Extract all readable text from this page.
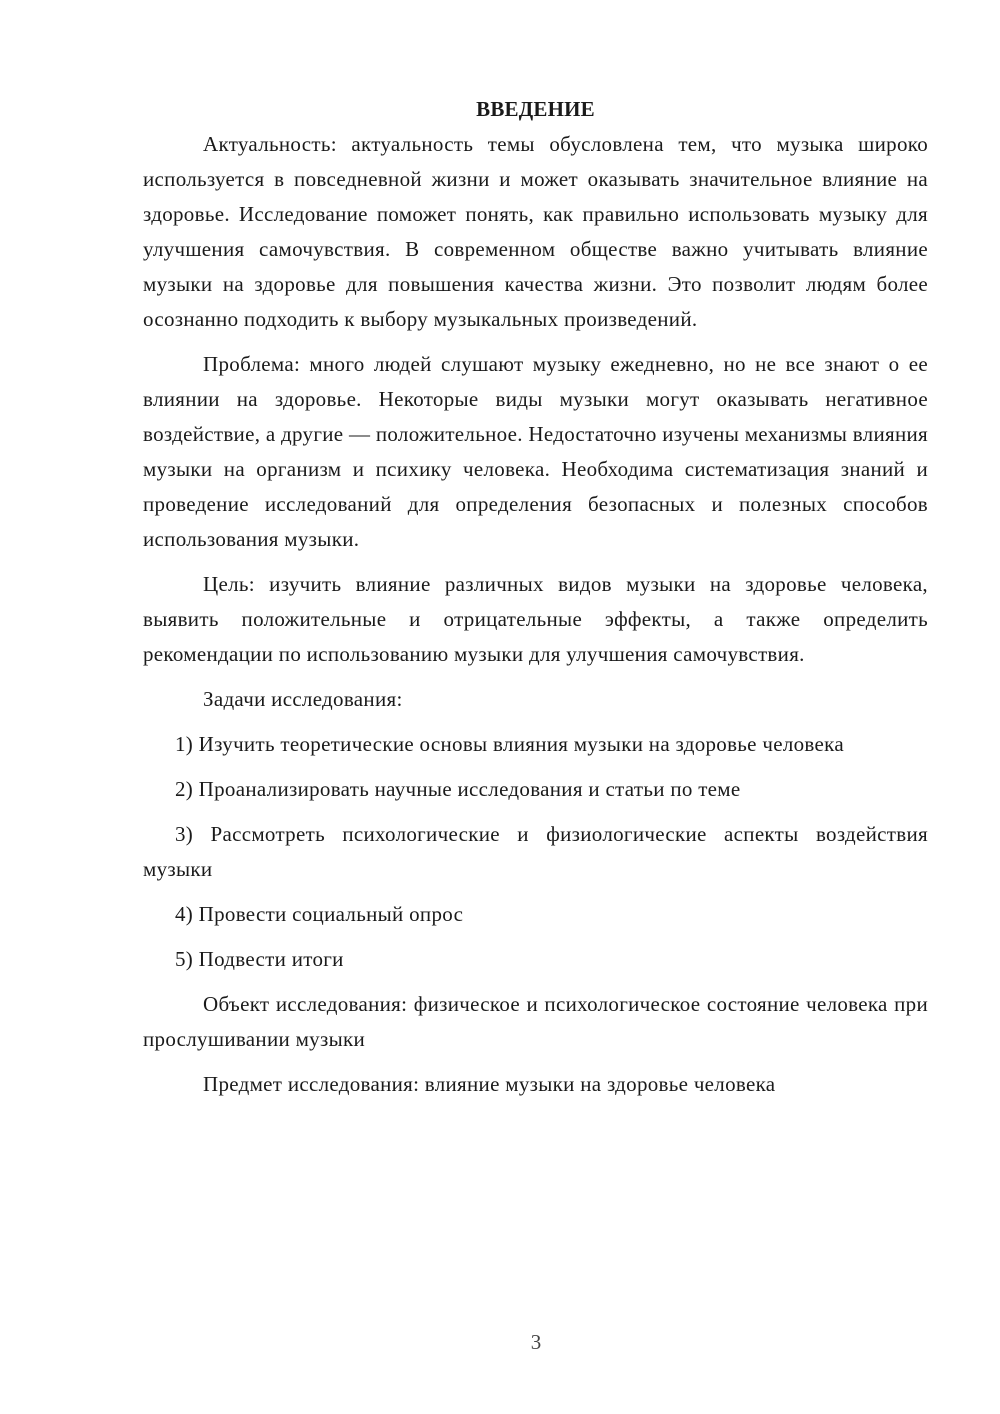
ВВЕДЕНИЕ

Актуальность: актуальность темы обусловлена тем, что музыка широко используется в повседневной жизни и может оказывать значительное влияние на здоровье. Исследование поможет понять, как правильно использовать музыку для улучшения самочувствия. В современном обществе важно учитывать влияние музыки на здоровье для повышения качества жизни. Это позволит людям более осознанно подходить к выбору музыкальных произведений.

Проблема: много людей слушают музыку ежедневно, но не все знают о ее влиянии на здоровье. Некоторые виды музыки могут оказывать негативное воздействие, а другие — положительное. Недостаточно изучены механизмы влияния музыки на организм и психику человека. Необходима систематизация знаний и проведение исследований для определения безопасных и полезных способов использования музыки.

Цель: изучить влияние различных видов музыки на здоровье человека, выявить положительные и отрицательные эффекты, а также определить рекомендации по использованию музыки для улучшения самочувствия.

Задачи исследования:

1) Изучить теоретические основы влияния музыки на здоровье человека

2) Проанализировать научные исследования и статьи по теме

3) Рассмотреть психологические и физиологические аспекты воздействия музыки

4) Провести социальный опрос

5) Подвести итоги

Объект исследования: физическое и психологическое состояние человека при прослушивании музыки

Предмет исследования: влияние музыки на здоровье человека

3
